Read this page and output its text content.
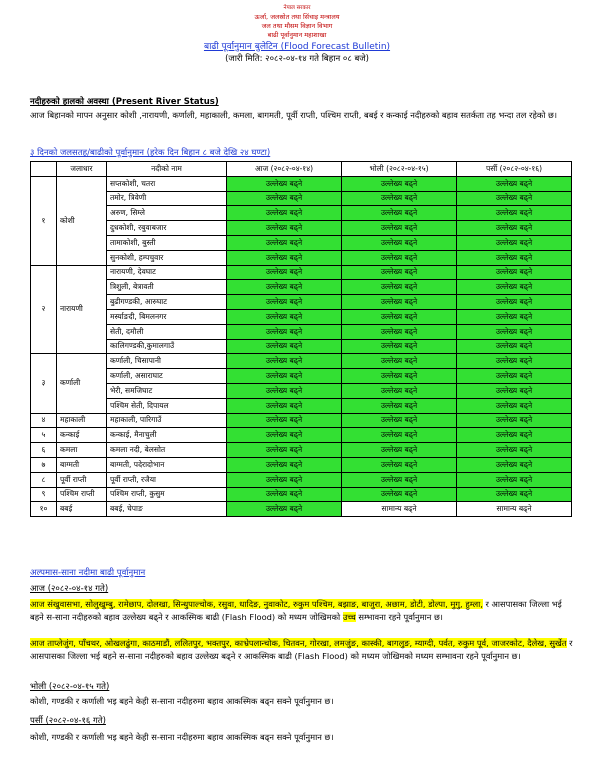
नेपाल सरकार
ऊर्जा, जलस्रोत तथा सिंचाइ मन्त्रालय
जल तथा मौसम विज्ञान विभाग
बाढी पूर्वानुमान महाशाखा
बाढी पूर्वानुमान बुलेटिन (Flood Forecast Bulletin)
(जारी मिति: २०८२-०४-१४ गते बिहान ०८ बजे)
नदीहरुको हालको अवस्था (Present River Status)
आज बिहानको मापन अनुसार कोशी ,नारायणी, कर्णाली, महाकाली, कमला, बागमती, पूर्वी राप्ती, पश्चिम राप्ती, बबई र कन्काई नदीहरुको बहाव सतर्कता तह भन्दा तल रहेको छ।
३ दिनको जलसतह/बाढीको पूर्वानुमान (हरेक दिन बिहान ८ बजे देखि २४ घण्टा)
	जलाधार	नदीको नाम	आज (२०८२-०४-१४)	भोली (२०८२-०४-१५)	पर्सी (२०८२-०४-१६)
१	कोशी	सप्तकोशी, चतरा	उल्लेख्य बढ्ने	उल्लेख्य बढ्ने	उल्लेख्य बढ्ने
		तमोर, त्रिवेणी	उल्लेख्य बढ्ने	उल्लेख्य बढ्ने	उल्लेख्य बढ्ने
		अरुण, सिम्ले	उल्लेख्य बढ्ने	उल्लेख्य बढ्ने	उल्लेख्य बढ्ने
		दुधकोशी, रबुवाबजार	उल्लेख्य बढ्ने	उल्लेख्य बढ्ने	उल्लेख्य बढ्ने
		तामाकोशी, बुस्ती	उल्लेख्य बढ्ने	उल्लेख्य बढ्ने	उल्लेख्य बढ्ने
		सुनकोशी, हम्पचुवार	उल्लेख्य बढ्ने	उल्लेख्य बढ्ने	उल्लेख्य बढ्ने
२	नारायणी	नारायणी, देवघाट	उल्लेख्य बढ्ने	उल्लेख्य बढ्ने	उल्लेख्य बढ्ने
		त्रिशुली, बेत्रावती	उल्लेख्य बढ्ने	उल्लेख्य बढ्ने	उल्लेख्य बढ्ने
		बुढीगण्डकी, आरुघाट	उल्लेख्य बढ्ने	उल्लेख्य बढ्ने	उल्लेख्य बढ्ने
		मर्स्याङदी, बिमलनगर	उल्लेख्य बढ्ने	उल्लेख्य बढ्ने	उल्लेख्य बढ्ने
		सेती, दमौली	उल्लेख्य बढ्ने	उल्लेख्य बढ्ने	उल्लेख्य बढ्ने
		कालिगण्डकी,कुमालगाउँ	उल्लेख्य बढ्ने	उल्लेख्य बढ्ने	उल्लेख्य बढ्ने
३	कर्णाली	कर्णाली, चिसापानी	उल्लेख्य बढ्ने	उल्लेख्य बढ्ने	उल्लेख्य बढ्ने
		कर्णाली, असाराघाट	उल्लेख्य बढ्ने	उल्लेख्य बढ्ने	उल्लेख्य बढ्ने
		भेरी, समजिघाट	उल्लेख्य बढ्ने	उल्लेख्य बढ्ने	उल्लेख्य बढ्ने
		पश्चिम सेती, दिपायल	उल्लेख्य बढ्ने	उल्लेख्य बढ्ने	उल्लेख्य बढ्ने
४	महाकाली	महाकाली, पारिगाउँ	उल्लेख्य बढ्ने	उल्लेख्य बढ्ने	उल्लेख्य बढ्ने
५	कन्काई	कन्काई, मैनाचुली	उल्लेख्य बढ्ने	उल्लेख्य बढ्ने	उल्लेख्य बढ्ने
६	कमला	कमला नदी, बेलसोत	उल्लेख्य बढ्ने	उल्लेख्य बढ्ने	उल्लेख्य बढ्ने
७	बाग्मती	बाग्मती, पदेरादोभान	उल्लेख्य बढ्ने	उल्लेख्य बढ्ने	उल्लेख्य बढ्ने
८	पूर्वी राप्ती	पूर्वी राप्ती, रजैया	उल्लेख्य बढ्ने	उल्लेख्य बढ्ने	उल्लेख्य बढ्ने
९	पश्चिम राप्ती	पश्चिम राप्ती, कुसुम	उल्लेख्य बढ्ने	उल्लेख्य बढ्ने	उल्लेख्य बढ्ने
१०	बबई	बबई, चेपाङ	उल्लेख्य बढ्ने	सामान्य बढ्ने	सामान्य बढ्ने
अल्पमास-साना नदीमा बाढी पूर्वानुमान
आज (२०८२-०४-१४ गते)
आज संखुवासभा, सोलुखुम्बु, रामेछाप, दोलखा, सिन्धुपाल्चोक, रसुवा, धादिङ, नुवाकोट, रुकुम पश्चिम, बझाङ, बाजुरा, अछाम, डोटी, डोल्पा, मुगु, हुम्ला, र आसपासका जिल्ला भई बहने स-साना नदीहरुको बहाव उल्लेख्य बढ्ने र आकस्मिक बाढी (Flash Flood) को मध्यम जोखिमको उच्च सम्भावना रहने पूर्वानुमान छ।
आज ताप्लेजुंग, पाँचथर, ओखलढुंगा, काठमाडौं, ललितपुर, भक्तपुर, काभ्रेपलान्चोक, चितवन, गोरखा, लमजुंङ, कास्की, बागलुङ, म्याग्दी, पर्वत, रुकुम पूर्व, जाजरकोट, दैलेख, सुर्खेत र आसपासका जिल्ला भई बहने स-साना नदीहरुको बहाव उल्लेख्य बढ्ने र आकस्मिक बाढी (Flash Flood) को मध्यम जोखिमको मध्यम सम्भावना रहने पूर्वानुमान छ।
भोली (२०८२-०४-१५ गते)
कोशी, गण्डकी र कर्णाली भइ बहने केही स-साना नदीहरुमा बहाव आकस्मिक बढ्न सक्ने पूर्वानुमान छ।
पर्सी (२०८२-०४-१६ गते)
कोशी, गण्डकी र कर्णाली भइ बहने केही स-साना नदीहरुमा बहाव आकस्मिक बढ्न सक्ने पूर्वानुमान छ।
